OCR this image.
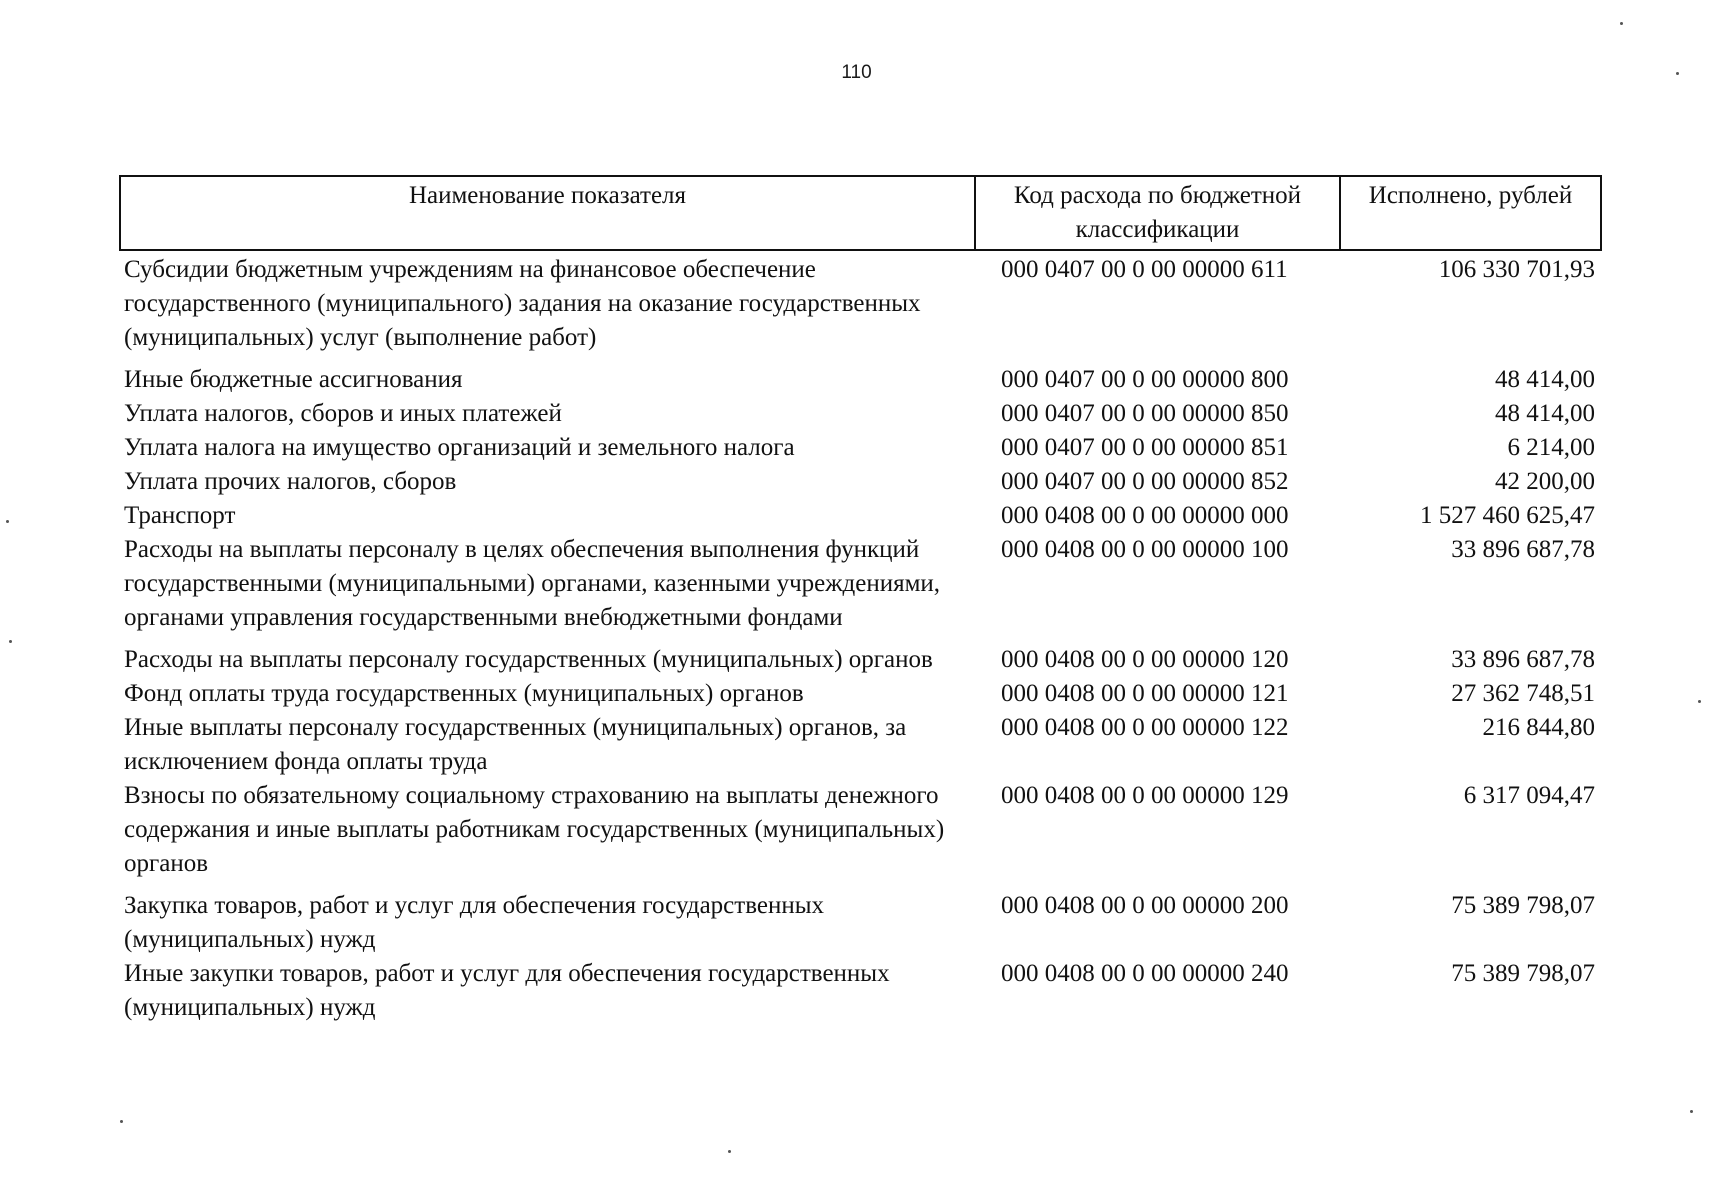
110
Наименование показателя	Код расхода по бюджетной классификации	Исполнено, рублей
Субсидии бюджетным учреждениям на финансовое обеспечение государственного (муниципального) задания на оказание государственных (муниципальных) услуг (выполнение работ)	000 0407 00 0 00 00000 611	106 330 701,93
Иные бюджетные ассигнования	000 0407 00 0 00 00000 800	48 414,00
Уплата налогов, сборов и иных платежей	000 0407 00 0 00 00000 850	48 414,00
Уплата налога на имущество организаций и земельного налога	000 0407 00 0 00 00000 851	6 214,00
Уплата прочих налогов, сборов	000 0407 00 0 00 00000 852	42 200,00
Транспорт	000 0408 00 0 00 00000 000	1 527 460 625,47
Расходы на выплаты персоналу в целях обеспечения выполнения функций государственными (муниципальными) органами, казенными учреждениями, органами управления государственными внебюджетными фондами	000 0408 00 0 00 00000 100	33 896 687,78
Расходы на выплаты персоналу государственных (муниципальных) органов	000 0408 00 0 00 00000 120	33 896 687,78
Фонд оплаты труда государственных (муниципальных) органов	000 0408 00 0 00 00000 121	27 362 748,51
Иные выплаты персоналу государственных (муниципальных) органов, за исключением фонда оплаты труда	000 0408 00 0 00 00000 122	216 844,80
Взносы по обязательному социальному страхованию на выплаты денежного содержания и иные выплаты работникам государственных (муниципальных) органов	000 0408 00 0 00 00000 129	6 317 094,47
Закупка товаров, работ и услуг для обеспечения государственных (муниципальных) нужд	000 0408 00 0 00 00000 200	75 389 798,07
Иные закупки товаров, работ и услуг для обеспечения государственных (муниципальных) нужд	000 0408 00 0 00 00000 240	75 389 798,07
